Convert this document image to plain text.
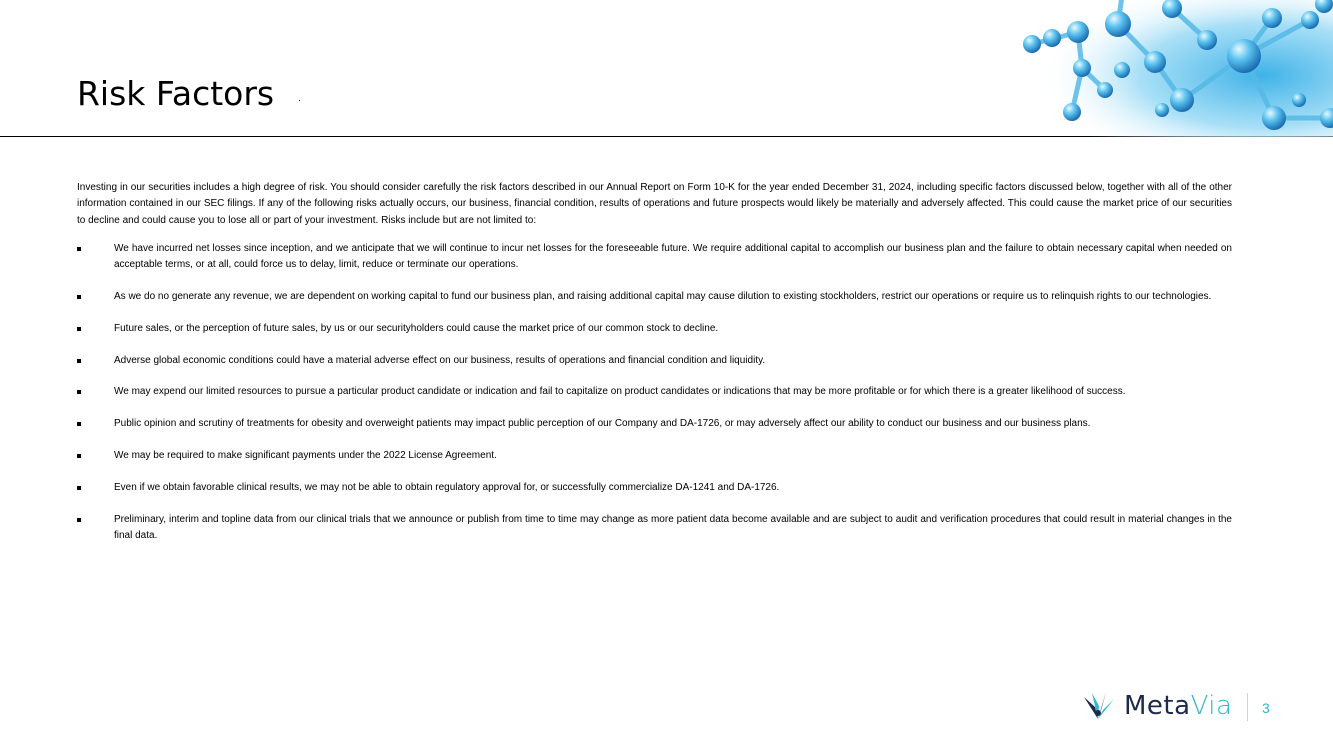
Risk Factors

Investing in our securities includes a high degree of risk. You should consider carefully the risk factors described in our Annual Report on Form 10-K for the year ended December 31, 2024, including specific factors discussed below, together with all of the other information contained in our SEC filings. If any of the following risks actually occurs, our business, financial condition, results of operations and future prospects would likely be materially and adversely affected. This could cause the market price of our securities to decline and could cause you to lose all or part of your investment. Risks include but are not limited to:

We have incurred net losses since inception, and we anticipate that we will continue to incur net losses for the foreseeable future. We require additional capital to accomplish our business plan and the failure to obtain necessary capital when needed on acceptable terms, or at all, could force us to delay, limit, reduce or terminate our operations.
As we do no generate any revenue, we are dependent on working capital to fund our business plan, and raising additional capital may cause dilution to existing stockholders, restrict our operations or require us to relinquish rights to our technologies.
Future sales, or the perception of future sales, by us or our securityholders could cause the market price of our common stock to decline.
Adverse global economic conditions could have a material adverse effect on our business, results of operations and financial condition and liquidity.
We may expend our limited resources to pursue a particular product candidate or indication and fail to capitalize on product candidates or indications that may be more profitable or for which there is a greater likelihood of success.
Public opinion and scrutiny of treatments for obesity and overweight patients may impact public perception of our Company and DA-1726, or may adversely affect our ability to conduct our business and our business plans.
We may be required to make significant payments under the 2022 License Agreement.
Even if we obtain favorable clinical results, we may not be able to obtain regulatory approval for, or successfully commercialize DA-1241 and DA-1726.
Preliminary, interim and topline data from our clinical trials that we announce or publish from time to time may change as more patient data become available and are subject to audit and verification procedures that could result in material changes in the final data.
MetaVia 3
